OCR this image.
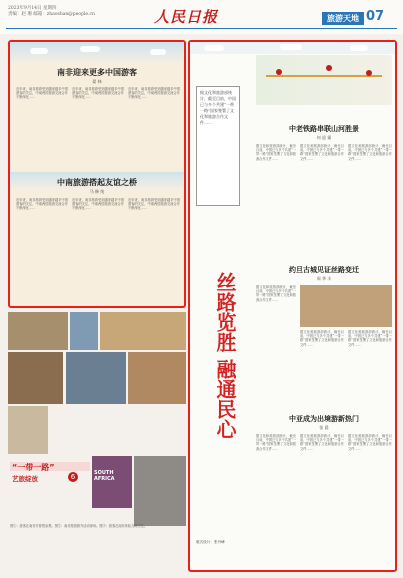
2023年9月14日 星期四
责编：赵 珊 邮箱：zhaoshan@people.cn	人民日报	旅游天地 07
南非迎来更多中国游客
晏 林
近年来，南非旅游受到越来越多中国游客的关注，中南两国旅游交流合作不断深化……
近年来，南非旅游受到越来越多中国游客的关注，中南两国旅游交流合作不断深化……
近年来，南非旅游受到越来越多中国游客的关注，中南两国旅游交流合作不断深化……
中南旅游搭起友谊之桥
马 修 纯
近年来，南非旅游受到越来越多中国游客的关注，中南两国旅游交流合作不断深化……
近年来，南非旅游受到越来越多中国游客的关注，中南两国旅游交流合作不断深化……
近年来，南非旅游受到越来越多中国游客的关注，中南两国旅游交流合作不断深化……
SOUTH AFRICA
“一带一路”
艺旅绽放	6
图①：游客在南非开普敦参观。图②：南非旅游推介活动现场。图③：游客在南非体验当地文化。
据文化和旅游部统计，截至目前，中国已与多个共建“一带一路”国家签署了文化和旅游合作文件……
丝路览胜 融通民心
中老铁路串联山河胜景
何 迎 霜
据文化和旅游部统计，截至目前，中国已与多个共建“一带一路”国家签署了文化和旅游合作文件……
据文化和旅游部统计，截至目前，中国已与多个共建“一带一路”国家签署了文化和旅游合作文件……
据文化和旅游部统计，截至目前，中国已与多个共建“一带一路”国家签署了文化和旅游合作文件……
约旦古城见证丝路变迁
周 华 丰
据文化和旅游部统计，截至目前，中国已与多个共建“一带一路”国家签署了文化和旅游合作文件……
据文化和旅游部统计，截至目前，中国已与多个共建“一带一路”国家签署了文化和旅游合作文件……
据文化和旅游部统计，截至目前，中国已与多个共建“一带一路”国家签署了文化和旅游合作文件……
中亚成为出境游新热门
张 晨
据文化和旅游部统计，截至目前，中国已与多个共建“一带一路”国家签署了文化和旅游合作文件……
据文化和旅游部统计，截至目前，中国已与多个共建“一带一路”国家签署了文化和旅游合作文件……
据文化和旅游部统计，截至目前，中国已与多个共建“一带一路”国家签署了文化和旅游合作文件……
版式设计：张丹峰
